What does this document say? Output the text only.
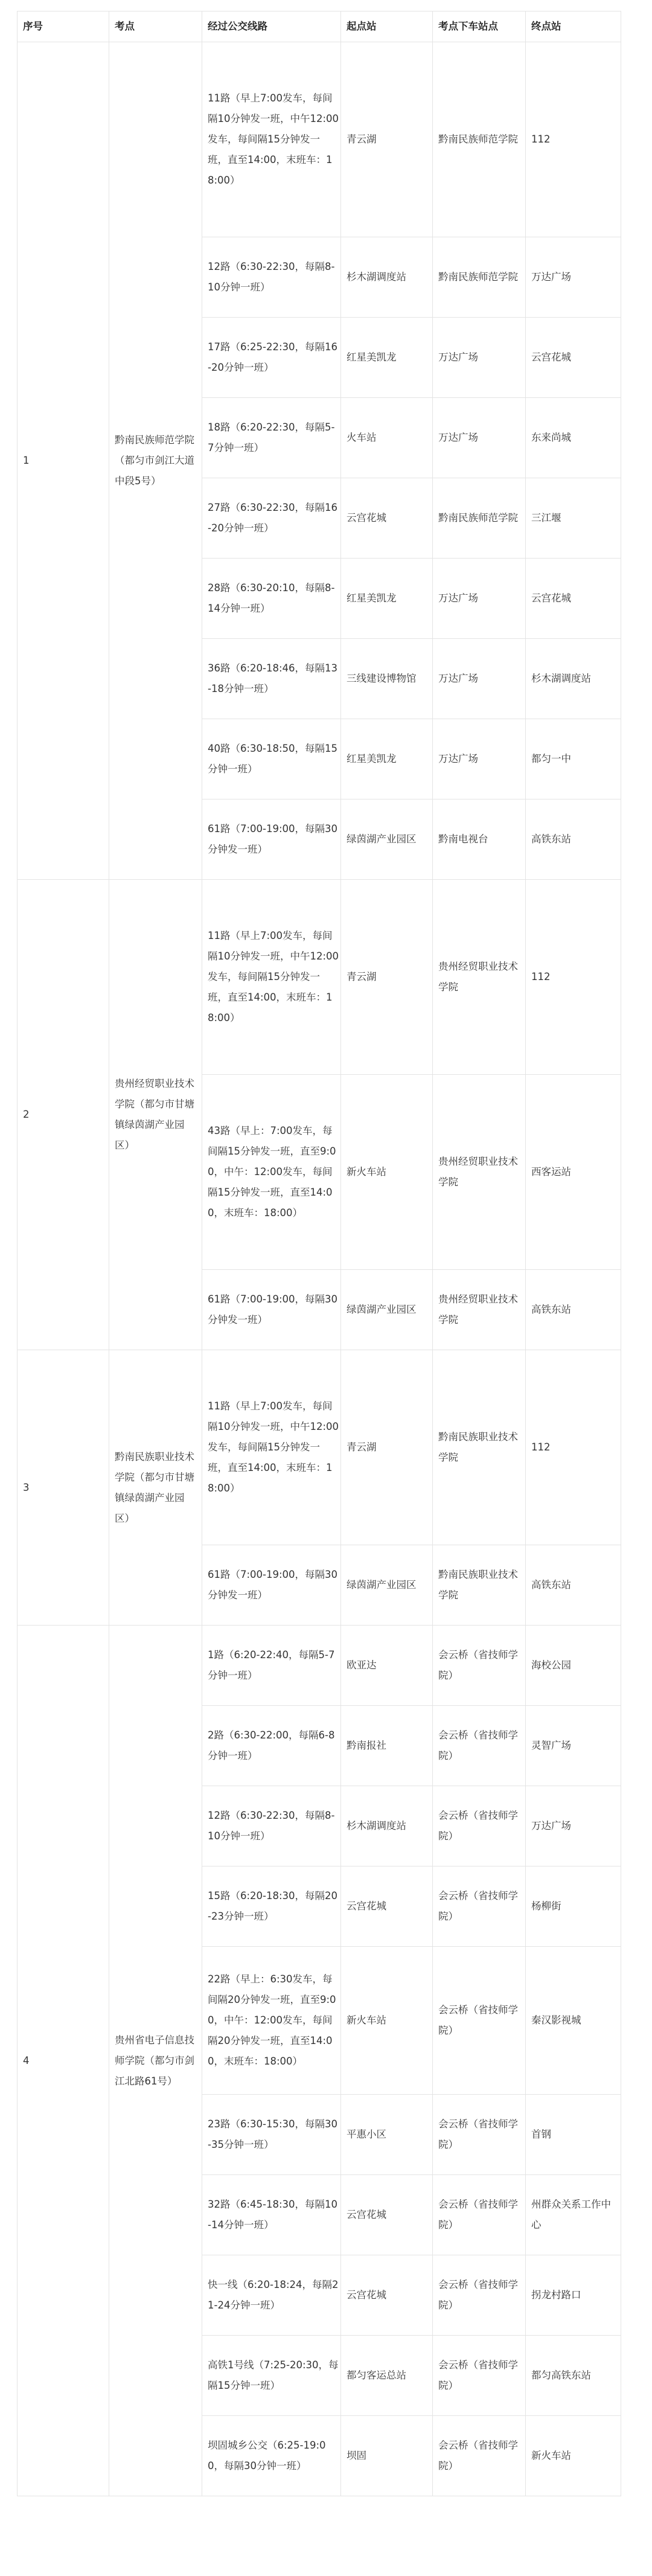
序号	考点	经过公交线路	起点站	考点下车站点	终点站
1	黔南民族师范学院（都匀市剑江大道中段5号）	11路（早上7:00发车，每间隔10分钟发一班，中午12:00发车，每间隔15分钟发一班，直至14:00，末班车：18:00）	青云湖	黔南民族师范学院	112
		12路（6:30-22:30，每隔8-10分钟一班）	杉木湖调度站	黔南民族师范学院	万达广场
		17路（6:25-22:30，每隔16-20分钟一班）	红星美凯龙	万达广场	云宫花城
		18路（6:20-22:30，每隔5-7分钟一班）	火车站	万达广场	东来尚城
		27路（6:30-22:30，每隔16-20分钟一班）	云宫花城	黔南民族师范学院	三江堰
		28路（6:30-20:10，每隔8-14分钟一班）	红星美凯龙	万达广场	云宫花城
		36路（6:20-18:46，每隔13-18分钟一班）	三线建设博物馆	万达广场	杉木湖调度站
		40路（6:30-18:50，每隔15分钟一班）	红星美凯龙	万达广场	都匀一中
		61路（7:00-19:00，每隔30分钟发一班）	绿茵湖产业园区	黔南电视台	高铁东站
2	贵州经贸职业技术学院（都匀市甘塘镇绿茵湖产业园区）	11路（早上7:00发车，每间隔10分钟发一班，中午12:00发车，每间隔15分钟发一班，直至14:00，末班车：18:00）	青云湖	贵州经贸职业技术学院	112
		43路（早上：7:00发车，每间隔15分钟发一班，直至9:00，中午：12:00发车，每间隔15分钟发一班，直至14:00，末班车：18:00）	新火车站	贵州经贸职业技术学院	西客运站
		61路（7:00-19:00，每隔30分钟发一班）	绿茵湖产业园区	贵州经贸职业技术学院	高铁东站
3	黔南民族职业技术学院（都匀市甘塘镇绿茵湖产业园区）	11路（早上7:00发车，每间隔10分钟发一班，中午12:00发车，每间隔15分钟发一班，直至14:00，末班车：18:00）	青云湖	黔南民族职业技术学院	112
		61路（7:00-19:00，每隔30分钟发一班）	绿茵湖产业园区	黔南民族职业技术学院	高铁东站
4	贵州省电子信息技师学院（都匀市剑江北路61号）	1路（6:20-22:40，每隔5-7分钟一班）	欧亚达	会云桥（省技师学院）	海校公园
		2路（6:30-22:00，每隔6-8分钟一班）	黔南报社	会云桥（省技师学院）	灵智广场
		12路（6:30-22:30，每隔8-10分钟一班）	杉木湖调度站	会云桥（省技师学院）	万达广场
		15路（6:20-18:30，每隔20-23分钟一班）	云宫花城	会云桥（省技师学院）	杨柳街
		22路（早上：6:30发车，每间隔20分钟发一班，直至9:00，中午：12:00发车，每间隔20分钟发一班，直至14:00，末班车：18:00）	新火车站	会云桥（省技师学院）	秦汉影视城
		23路（6:30-15:30，每隔30-35分钟一班）	平惠小区	会云桥（省技师学院）	首钢
		32路（6:45-18:30，每隔10-14分钟一班）	云宫花城	会云桥（省技师学院）	州群众关系工作中心
		快一线（6:20-18:24，每隔21-24分钟一班）	云宫花城	会云桥（省技师学院）	拐龙村路口
		高铁1号线（7:25-20:30，每隔15分钟一班）	都匀客运总站	会云桥（省技师学院）	都匀高铁东站
		坝固城乡公交（6:25-19:00，每隔30分钟一班）	坝固	会云桥（省技师学院）	新火车站
